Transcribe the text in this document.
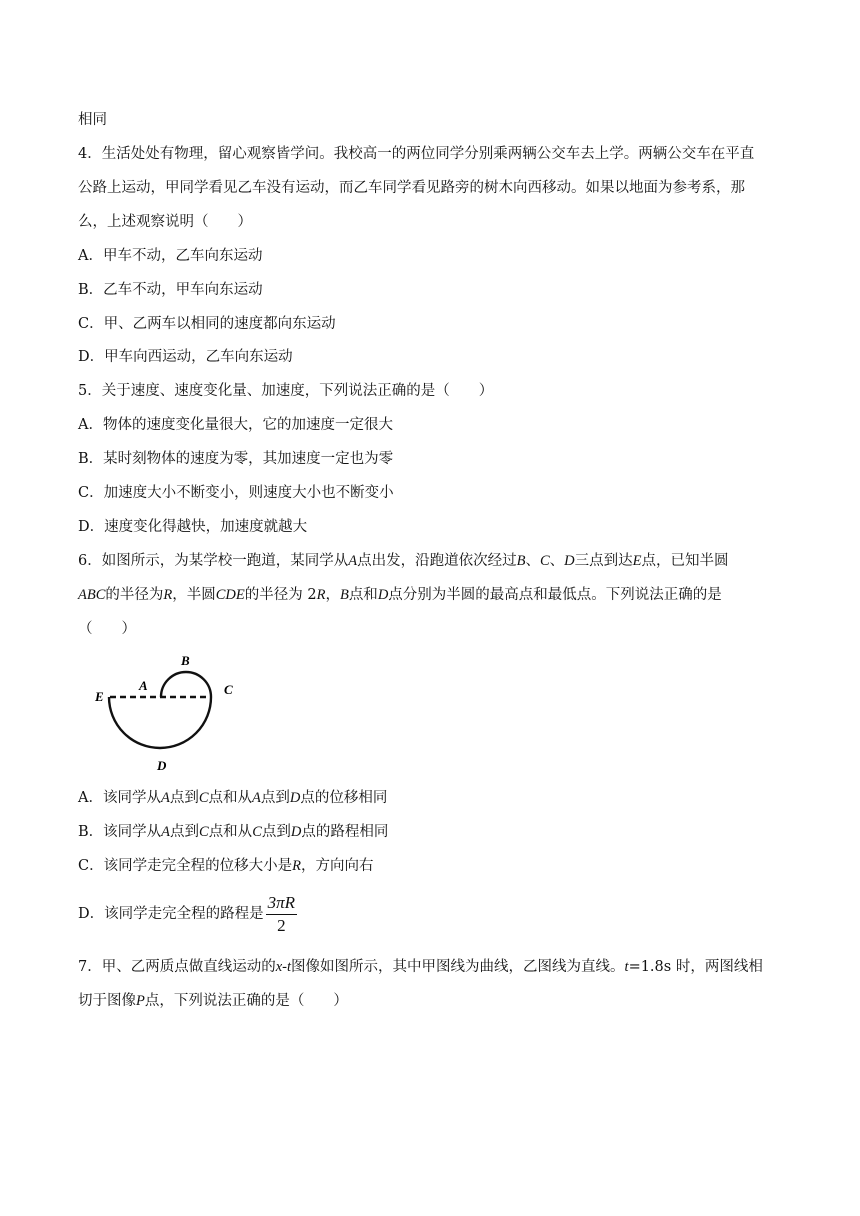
相同
4．生活处处有物理，留心观察皆学问。我校高一的两位同学分别乘两辆公交车去上学。两辆公交车在平直
公路上运动，甲同学看见乙车没有运动，而乙车同学看见路旁的树木向西移动。如果以地面为参考系，那
么，上述观察说明（　　）
A．甲车不动，乙车向东运动
B．乙车不动，甲车向东运动
C．甲、乙两车以相同的速度都向东运动
D．甲车向西运动，乙车向东运动
5．关于速度、速度变化量、加速度，下列说法正确的是（　　）
A．物体的速度变化量很大，它的加速度一定很大
B．某时刻物体的速度为零，其加速度一定也为零
C．加速度大小不断变小，则速度大小也不断变小
D．速度变化得越快，加速度就越大
6．如图所示，为某学校一跑道，某同学从A点出发，沿跑道依次经过B、C、D三点到达E点，已知半圆
ABC的半径为R，半圆CDE的半径为 2R，B点和D点分别为半圆的最高点和最低点。下列说法正确的是
（　　）
A
B
C
D
E
A．该同学从A点到C点和从A点到D点的位移相同
B．该同学从A点到C点和从C点到D点的路程相同
C．该同学走完全程的位移大小是R，方向向右
D．该同学走完全程的路程是 $\frac{3\pi R}{2}$
7．甲、乙两质点做直线运动的x-t图像如图所示，其中甲图线为曲线，乙图线为直线。t=1.8s 时，两图线相
切于图像P点，下列说法正确的是（　　）
